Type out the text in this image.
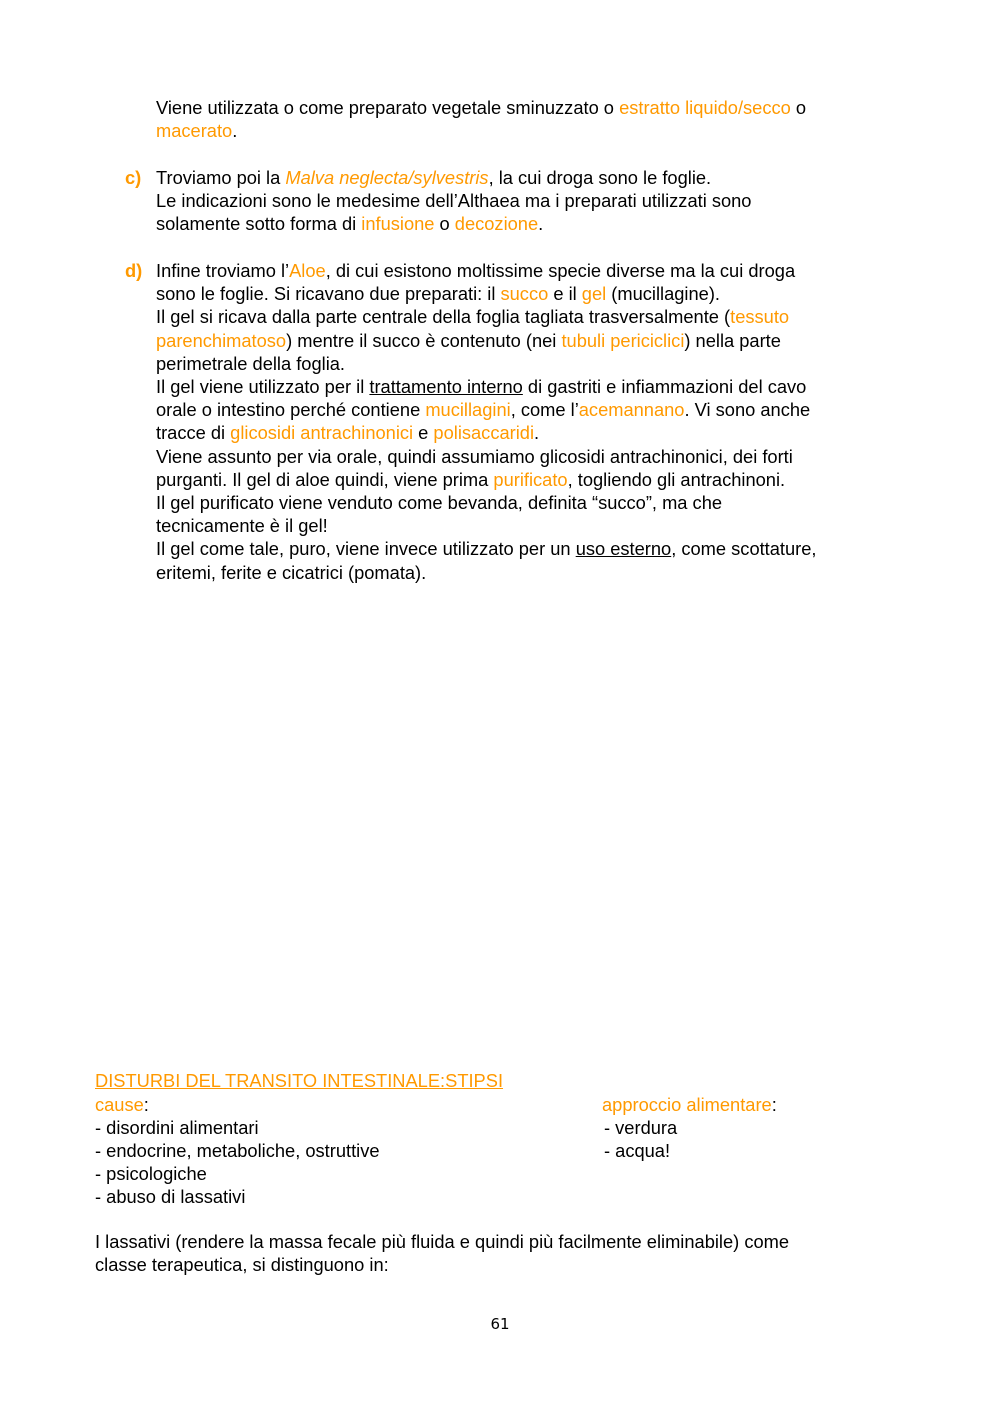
Viene utilizzata o come preparato vegetale sminuzzato o estratto liquido/secco o
macerato.
c) Troviamo poi la Malva neglecta/sylvestris, la cui droga sono le foglie.
Le indicazioni sono le medesime dell’Althaea ma i preparati utilizzati sono
solamente sotto forma di infusione o decozione.
d) Infine troviamo l’Aloe, di cui esistono moltissime specie diverse ma la cui droga
sono le foglie. Si ricavano due preparati: il succo e il gel (mucillagine).
Il gel si ricava dalla parte centrale della foglia tagliata trasversalmente (tessuto
parenchimatoso) mentre il succo è contenuto (nei tubuli periciclici) nella parte
perimetrale della foglia.
Il gel viene utilizzato per il trattamento interno di gastriti e infiammazioni del cavo
orale o intestino perché contiene mucillagini, come l’acemannano. Vi sono anche
tracce di glicosidi antrachinonici e polisaccaridi.
Viene assunto per via orale, quindi assumiamo glicosidi antrachinonici, dei forti
purganti. Il gel di aloe quindi, viene prima purificato, togliendo gli antrachinoni.
Il gel purificato viene venduto come bevanda, definita “succo”, ma che
tecnicamente è il gel!
Il gel come tale, puro, viene invece utilizzato per un uso esterno, come scottature,
eritemi, ferite e cicatrici (pomata).
DISTURBI DEL TRANSITO INTESTINALE:STIPSI
cause:
- disordini alimentari
- endocrine, metaboliche, ostruttive
- psicologiche
- abuso di lassativi
approccio alimentare:
- verdura
- acqua!
I lassativi (rendere la massa fecale più fluida e quindi più facilmente eliminabile) come
classe terapeutica, si distinguono in:
61
